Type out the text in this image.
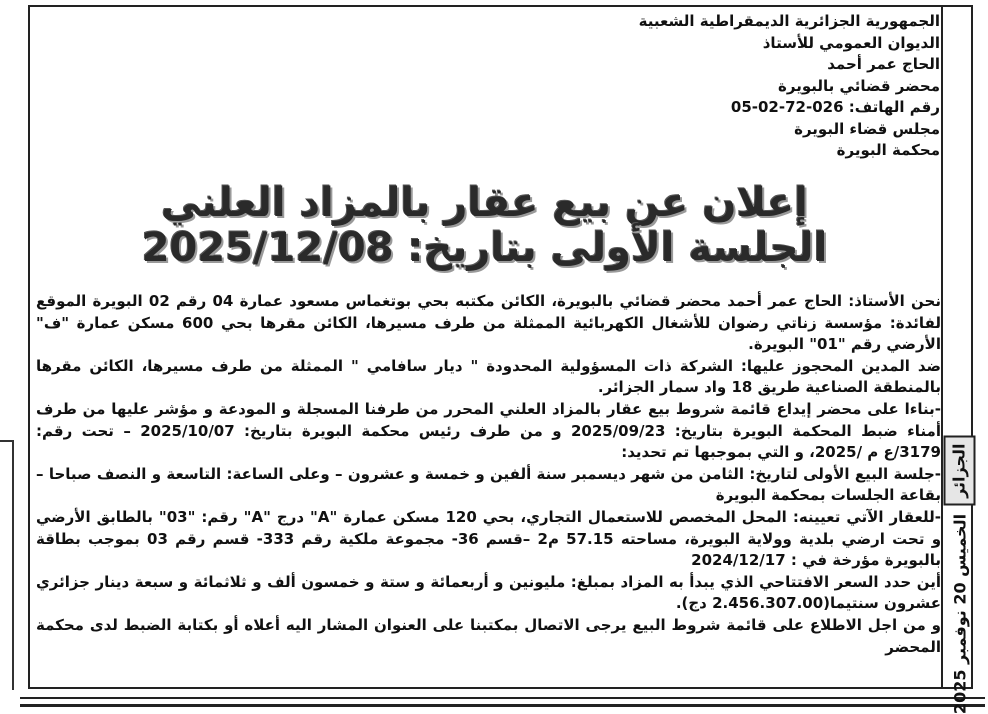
الجمهورية الجزائرية الديمقراطية الشعبية
الديوان العمومي للأستاذ
الحاج عمر أحمد
محضر قضائي بالبويرة
رقم الهاتف: 026-72-02-05
مجلس قضاء البويرة
محكمة البويرة
إعلان عن بيع عقار بالمزاد العلني
الجلسة الأولى بتاريخ: 2025/12/08
نحن الأستاذ: الحاج عمر أحمد محضر قضائي بالبويرة، الكائن مكتبه بحي بوتغماس مسعود عمارة 04 رقم 02 البويرة الموقع
لفائدة: مؤسسة زناتي رضوان للأشغال الكهربائية الممثلة من طرف مسيرها، الكائن مقرها بحي 600 مسكن عمارة "ف"
الأرضي رقم "01" البويرة.
ضد المدين المحجوز عليها: الشركة ذات المسؤولية المحدودة " ديار سافامي " الممثلة من طرف مسيرها، الكائن مقرها
بالمنطقة الصناعية طريق 18 واد سمار الجزائر.
-بناءا على محضر إيداع قائمة شروط بيع عقار بالمزاد العلني المحرر من طرفنا المسجلة و المودعة و مؤشر عليها من طرف
أمناء ضبط المحكمة البويرة بتاريخ: 2025/09/23 و من طرف رئيس محكمة البويرة بتاريخ: 2025/10/07 – تحت رقم:
3179/ع م /2025، و التي بموجبها تم تحديد:
-جلسة البيع الأولى لتاريخ: الثامن من شهر ديسمبر سنة ألفين و خمسة و عشرون – وعلى الساعة: التاسعة و النصف صباحا –
بقاعة الجلسات بمحكمة البويرة
-للعقار الآتي تعيينه: المحل المخصص للاستعمال التجاري، بحي 120 مسكن عمارة "A" درج "A" رقم: "03" بالطابق الأرضي
و تحت ارضي بلدية وولاية البويرة، مساحته 57.15 م2 –قسم 36- مجموعة ملكية رقم 333- قسم رقم 03 بموجب بطاقة
بالبويرة مؤرخة في : 2024/12/17
أين حدد السعر الافتتاحي الذي يبدأ به المزاد بمبلغ: مليونين و أربعمائة و ستة و خمسون ألف و ثلاثمائة و سبعة دينار جزائري
عشرون سنتيما(2.456.307.00 دج).
و من اجل الاطلاع على قائمة شروط البيع يرجى الاتصال بمكتبنا على العنوان المشار اليه أعلاه أو بكتابة الضبط لدى محكمة
المحضر
الجزائر
الخميس 20 نوفمبر 2025
